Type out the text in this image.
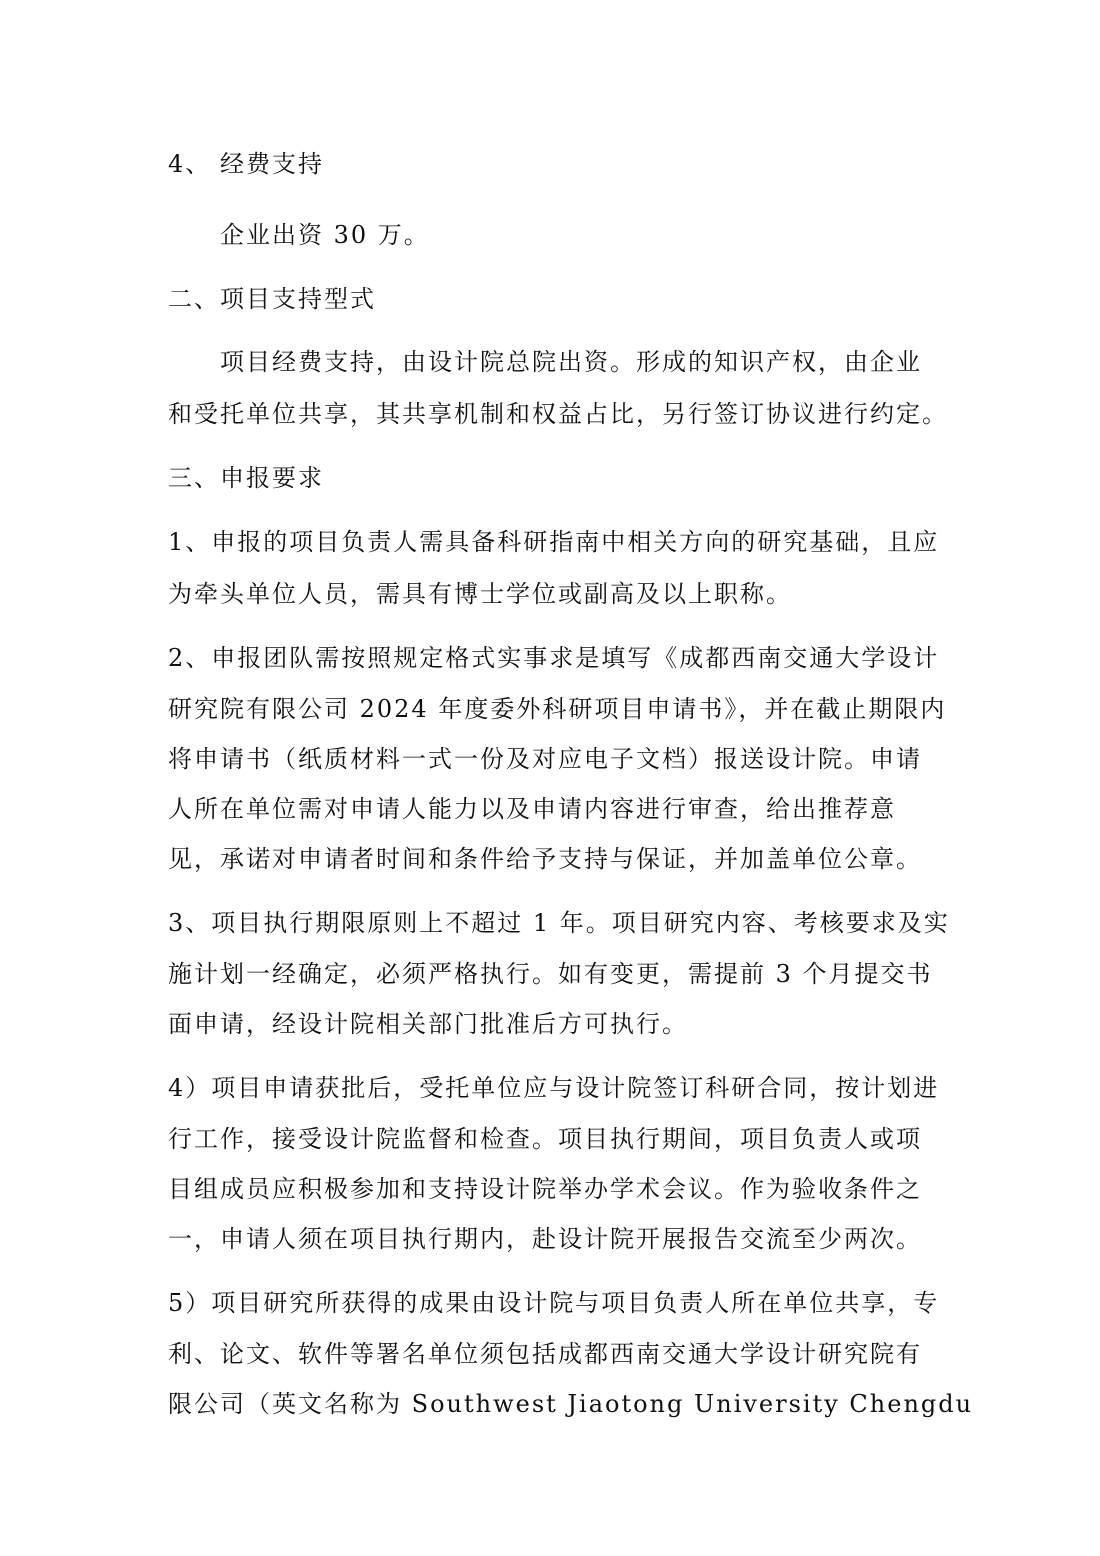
4、 经费支持
企业出资 30 万。
二、项目支持型式
项目经费支持，由设计院总院出资。形成的知识产权，由企业
和受托单位共享，其共享机制和权益占比，另行签订协议进行约定。
三、申报要求
1、申报的项目负责人需具备科研指南中相关方向的研究基础，且应
为牵头单位人员，需具有博士学位或副高及以上职称。
2、申报团队需按照规定格式实事求是填写《成都西南交通大学设计
研究院有限公司 2024 年度委外科研项目申请书》，并在截止期限内
将申请书（纸质材料一式一份及对应电子文档）报送设计院。申请
人所在单位需对申请人能力以及申请内容进行审查，给出推荐意
见，承诺对申请者时间和条件给予支持与保证，并加盖单位公章。
3、项目执行期限原则上不超过 1 年。项目研究内容、考核要求及实
施计划一经确定，必须严格执行。如有变更，需提前 3 个月提交书
面申请，经设计院相关部门批准后方可执行。
4）项目申请获批后，受托单位应与设计院签订科研合同，按计划进
行工作，接受设计院监督和检查。项目执行期间，项目负责人或项
目组成员应积极参加和支持设计院举办学术会议。作为验收条件之
一，申请人须在项目执行期内，赴设计院开展报告交流至少两次。
5）项目研究所获得的成果由设计院与项目负责人所在单位共享，专
利、论文、软件等署名单位须包括成都西南交通大学设计研究院有
限公司（英文名称为 Southwest Jiaotong University Chengdu
